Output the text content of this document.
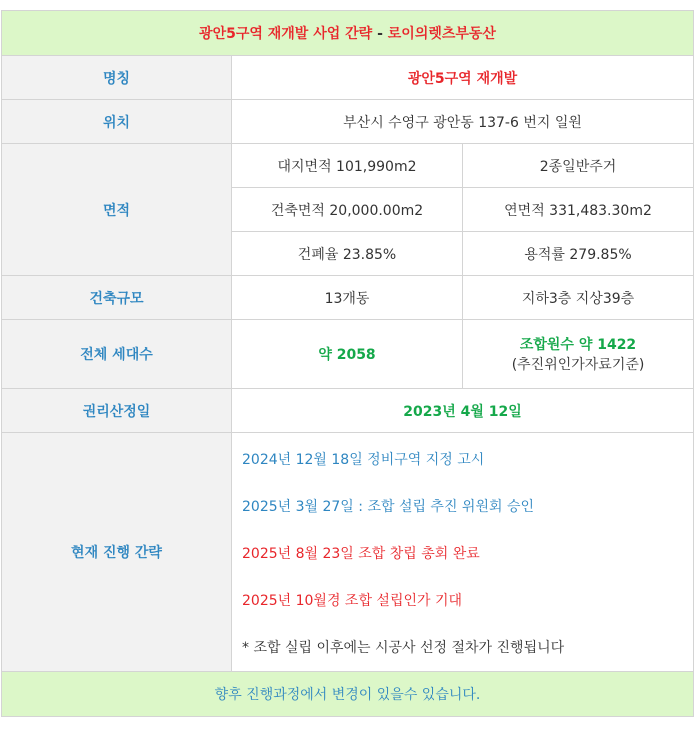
광안5구역 재개발 사업 간략 - 로이의렛츠부동산		
명칭	광안5구역 재개발	
위치	부산시 수영구 광안동 137-6 번지 일원	
면적	대지면적 101,990m2	2종일반주거
	건축면적 20,000.00m2	연면적 331,483.30m2
	건폐율 23.85%	용적률 279.85%
건축규모	13개동	지하3층 지상39층
전체 세대수	약 2058	조합원수 약 1422
(추진위인가자료기준)

권리산정일	2023년 4월 12일	
현재 진행 간략	2024년 12월 18일 정비구역 지정 고시
2025년 3월 27일 : 조합 설립 추진 위원회 승인
2025년 8월 23일 조합 창립 총회 완료
2025년 10월경 조합 설립인가 기대
* 조합 실립 이후에는 시공사 선정 절차가 진행됩니다	

향후 진행과정에서 변경이 있을수 있습니다.		
